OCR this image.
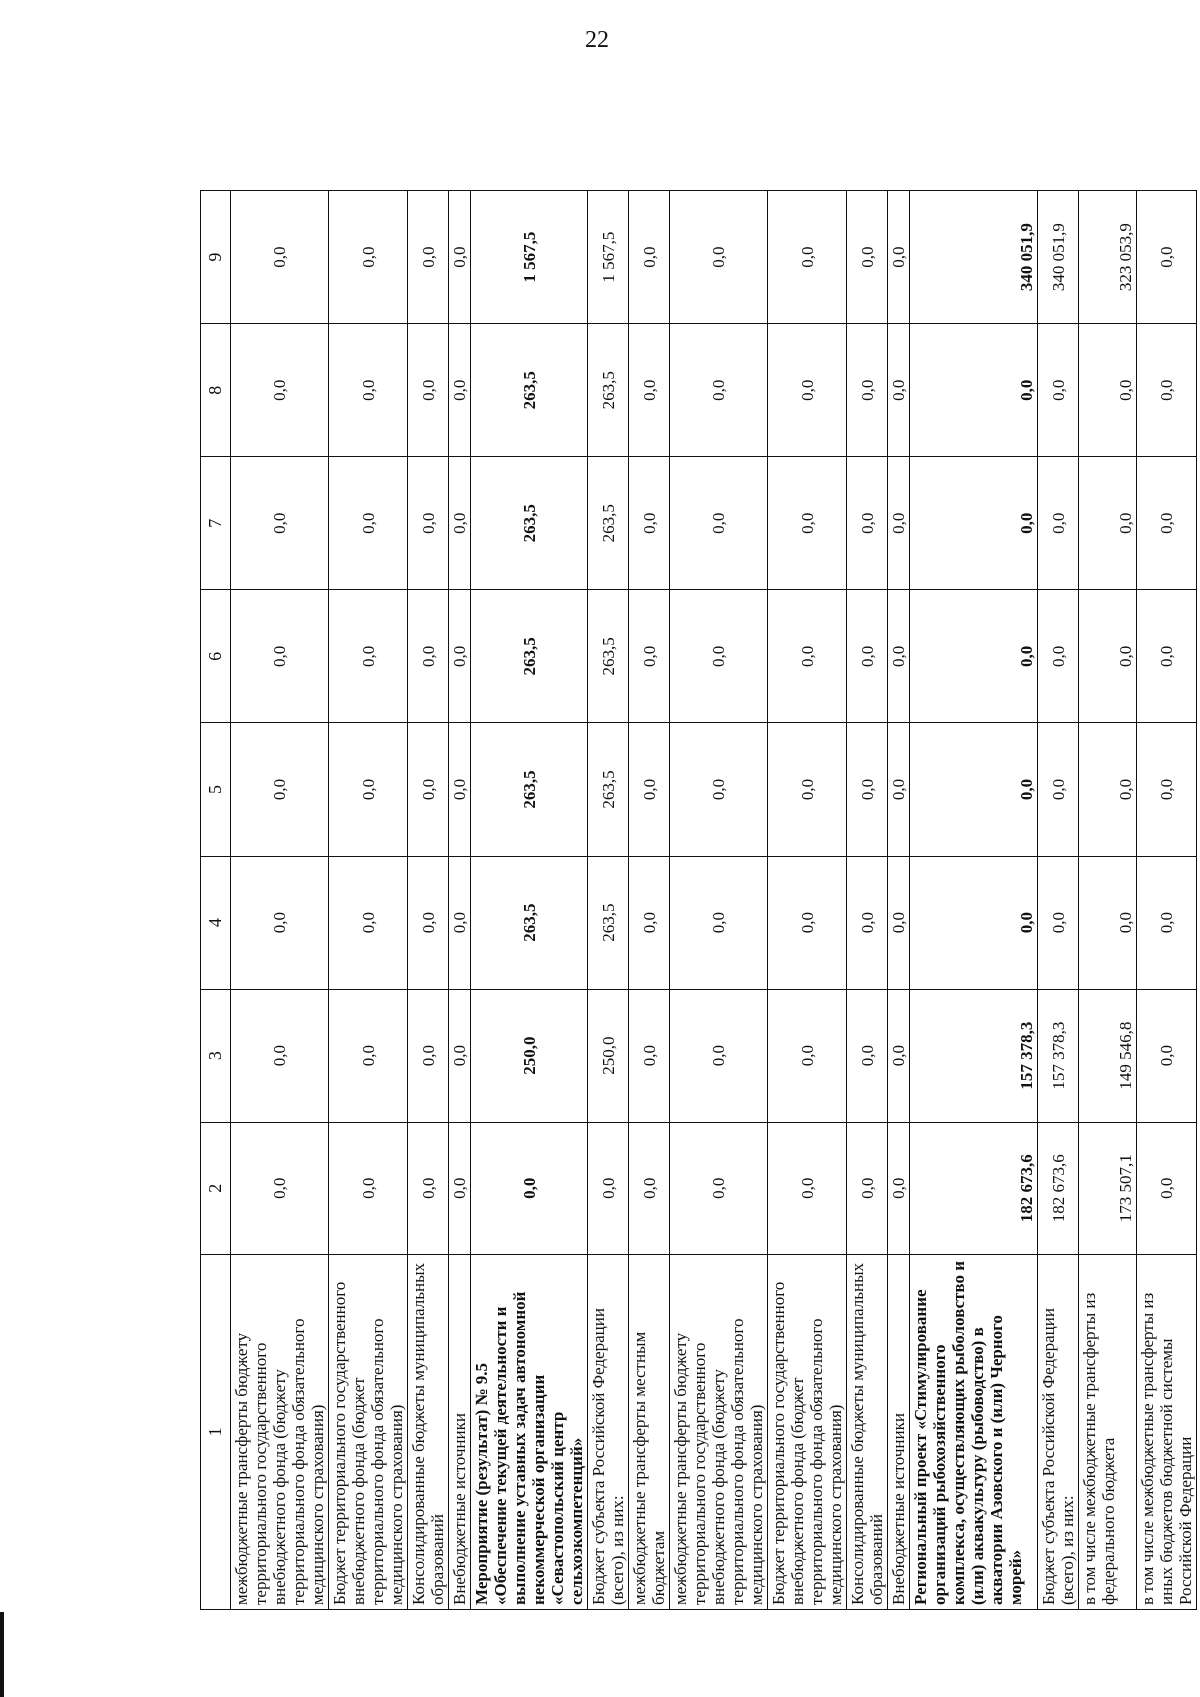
22
1	2	3	4	5	6	7	8	9
межбюджетные трансферты бюджету территориального государственного внебюджетного фонда (бюджету территориального фонда обязательного медицинского страхования)	0,0	0,0	0,0	0,0	0,0	0,0	0,0	0,0
Бюджет территориального государственного внебюджетного фонда (бюджет территориального фонда обязательного медицинского страхования)	0,0	0,0	0,0	0,0	0,0	0,0	0,0	0,0
Консолидированные бюджеты муниципальных образований	0,0	0,0	0,0	0,0	0,0	0,0	0,0	0,0
Внебюджетные источники	0,0	0,0	0,0	0,0	0,0	0,0	0,0	0,0
Мероприятие (результат) № 9.5 «Обеспечение текущей деятельности и выполнение уставных задач автономной некоммерческой организации «Севастопольский центр сельхозкомпетенций»	0,0	250,0	263,5	263,5	263,5	263,5	263,5	1 567,5
Бюджет субъекта Российской Федерации (всего), из них:	0,0	250,0	263,5	263,5	263,5	263,5	263,5	1 567,5
межбюджетные трансферты местным бюджетам	0,0	0,0	0,0	0,0	0,0	0,0	0,0	0,0
межбюджетные трансферты бюджету территориального государственного внебюджетного фонда (бюджету территориального фонда обязательного медицинского страхования)	0,0	0,0	0,0	0,0	0,0	0,0	0,0	0,0
Бюджет территориального государственного внебюджетного фонда (бюджет территориального фонда обязательного медицинского страхования)	0,0	0,0	0,0	0,0	0,0	0,0	0,0	0,0
Консолидированные бюджеты муниципальных образований	0,0	0,0	0,0	0,0	0,0	0,0	0,0	0,0
Внебюджетные источники	0,0	0,0	0,0	0,0	0,0	0,0	0,0	0,0
Региональный проект «Стимулирование организаций рыбохозяйственного комплекса, осуществляющих рыболовство и (или) аквакультуру (рыбоводство) в акватории Азовского и (или) Черного морей»	182 673,6	157 378,3	0,0	0,0	0,0	0,0	0,0	340 051,9
Бюджет субъекта Российской Федерации (всего), из них:	182 673,6	157 378,3	0,0	0,0	0,0	0,0	0,0	340 051,9
в том числе межбюджетные трансферты из федерального бюджета	173 507,1	149 546,8	0,0	0,0	0,0	0,0	0,0	323 053,9
в том числе межбюджетные трансферты из иных бюджетов бюджетной системы Российской Федерации	0,0	0,0	0,0	0,0	0,0	0,0	0,0	0,0
